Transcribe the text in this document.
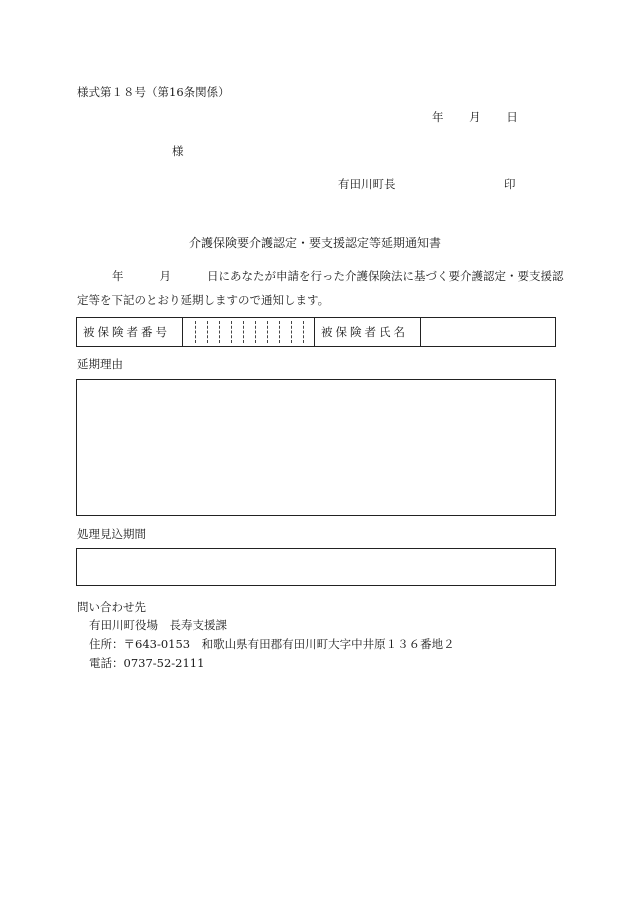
様式第１８号（第16条関係）
年 月 日
様
有田川町長	印
介護保険要介護認定・要支援認定等延期通知書
年	月	日にあなたが申請を行った介護保険法に基づく要介護認定・要支援認
定等を下記のとおり延期しますので通知します。
被保険者番号	被保険者氏名
延期理由
処理見込期間
問い合わせ先
有田川町役場　長寿支援課
住所：〒643-0153　和歌山県有田郡有田川町大字中井原１３６番地２
電話：0737-52-2111
